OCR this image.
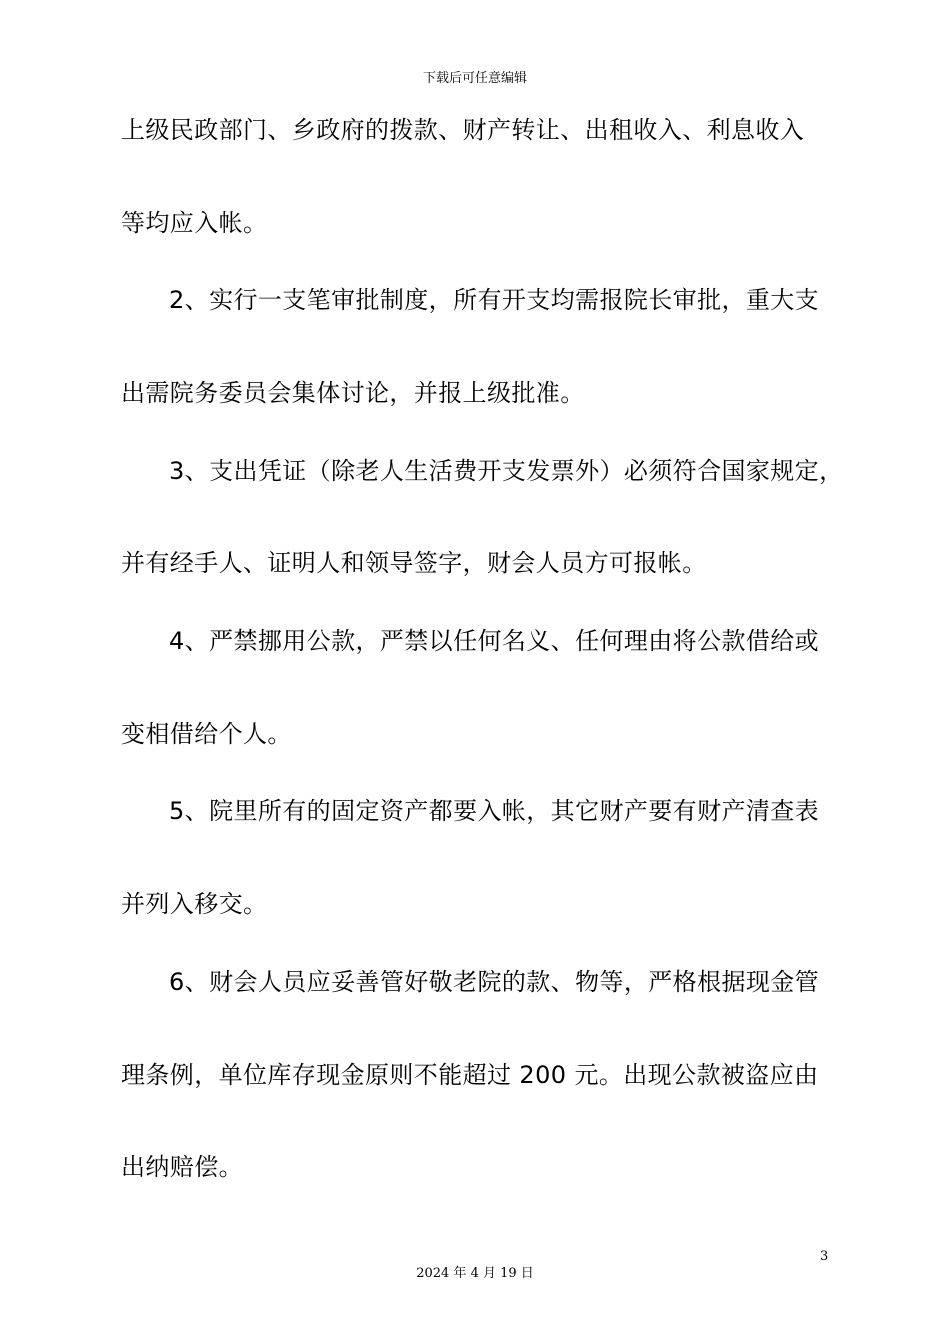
下载后可任意编辑
上级民政部门、乡政府的拨款、财产转让、出租收入、利息收入
等均应入帐。
2、实行一支笔审批制度，所有开支均需报院长审批，重大支
出需院务委员会集体讨论，并报上级批准。
3、支出凭证（除老人生活费开支发票外）必须符合国家规定，
并有经手人、证明人和领导签字，财会人员方可报帐。
4、严禁挪用公款，严禁以任何名义、任何理由将公款借给或
变相借给个人。
5、院里所有的固定资产都要入帐，其它财产要有财产清查表
并列入移交。
6、财会人员应妥善管好敬老院的款、物等，严格根据现金管
理条例，单位库存现金原则不能超过 200 元。出现公款被盗应由
出纳赔偿。
3
2024 年 4 月 19 日
